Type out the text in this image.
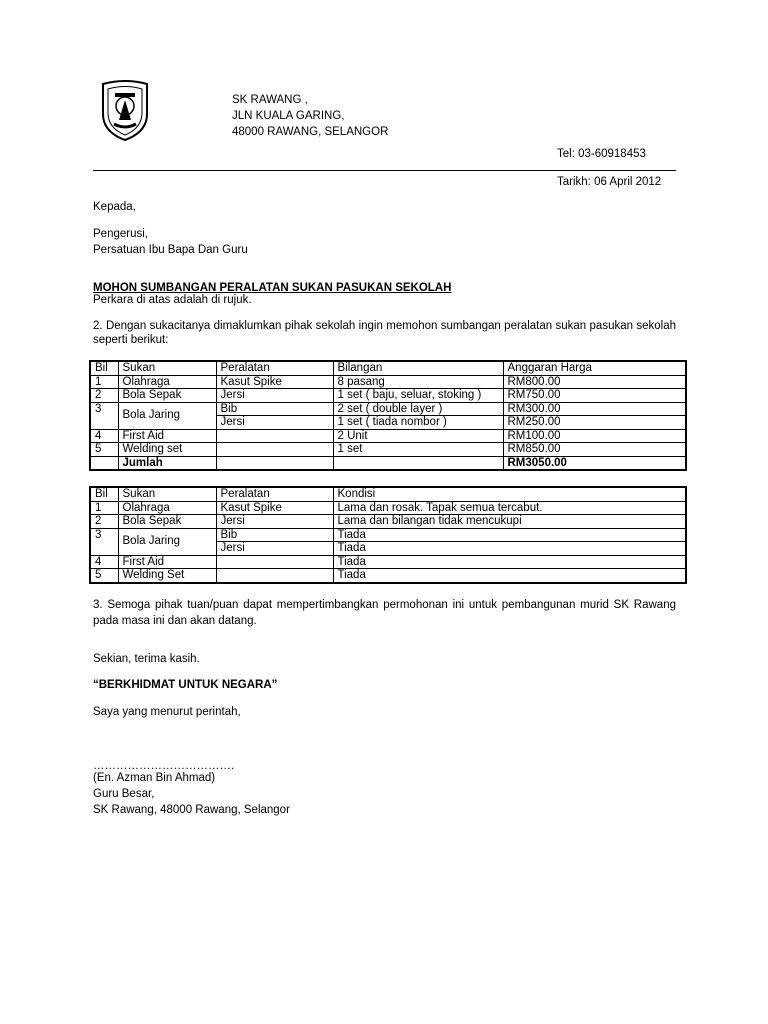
SK RAWANG ,
JLN KUALA GARING,
48000 RAWANG, SELANGOR
Tel: 03-60918453
Tarikh: 06 April 2012
Kepada,
Pengerusi,
Persatuan Ibu Bapa Dan Guru
MOHON SUMBANGAN PERALATAN SUKAN PASUKAN SEKOLAH
Perkara di atas adalah di rujuk.
2. Dengan sukacitanya dimaklumkan pihak sekolah ingin memohon sumbangan peralatan sukan pasukan sekolah seperti berikut:
Bil	Sukan	Peralatan	Bilangan	Anggaran Harga
1	Olahraga	Kasut Spike	8 pasang	RM800.00
2	Bola Sepak	Jersi	1 set ( baju, seluar, stoking )	RM750.00
3	Bola Jaring	Bib	2 set ( double layer )	RM300.00
		Jersi	1 set ( tiada nombor )	RM250.00
4	First Aid		2 Unit	RM100.00
5	Welding set		1 set	RM850.00
	Jumlah			RM3050.00
Bil	Sukan	Peralatan	Kondisi
1	Olahraga	Kasut Spike	Lama dan rosak. Tapak semua tercabut.
2	Bola Sepak	Jersi	Lama dan bilangan tidak mencukupi
3	Bola Jaring	Bib	Tiada
		Jersi	Tiada
4	First Aid		Tiada
5	Welding Set		Tiada
3. Semoga pihak tuan/puan dapat mempertimbangkan permohonan ini untuk pembangunan murid SK Rawang pada masa ini dan akan datang.
Sekian, terima kasih.
“BERKHIDMAT UNTUK NEGARA”
Saya yang menurut perintah,
……………………………….
(En. Azman Bin Ahmad)
Guru Besar,
SK Rawang, 48000 Rawang, Selangor
